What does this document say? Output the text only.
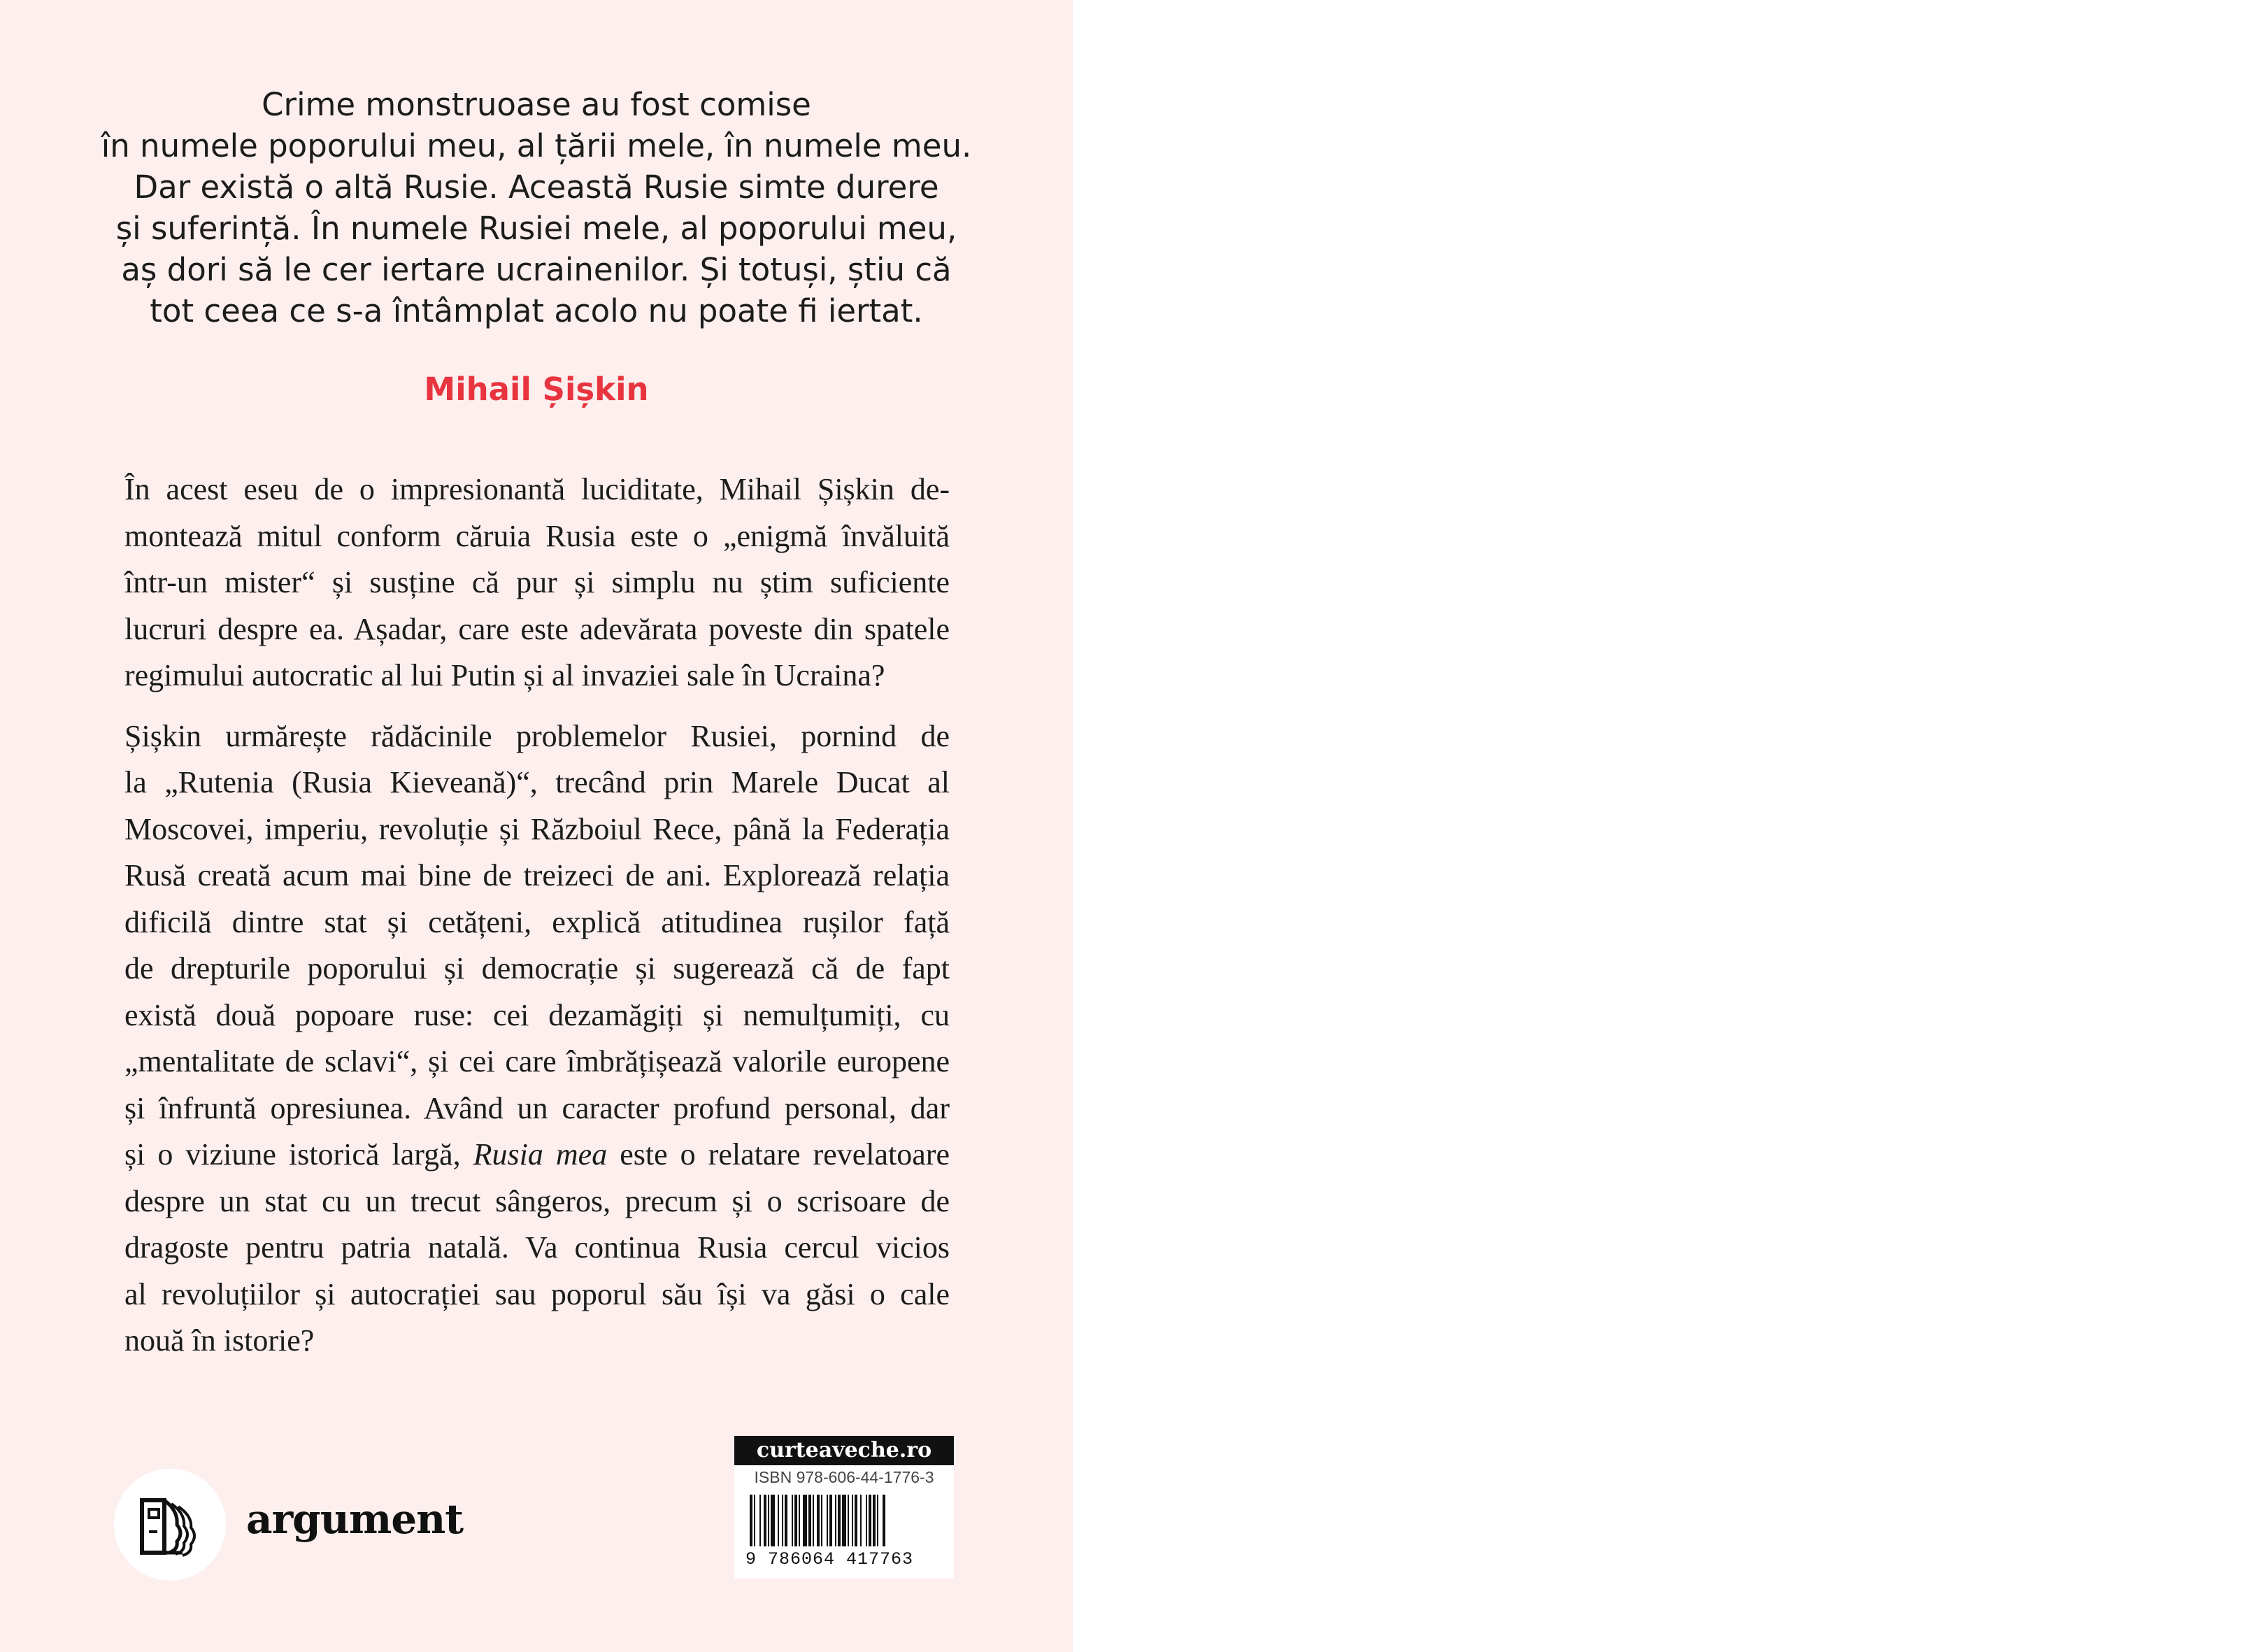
Crime monstruoase au fost comise
în numele poporului meu, al țării mele, în numele meu.
Dar există o altă Rusie. Această Rusie simte durere
și suferință. În numele Rusiei mele, al poporului meu,
aș dori să le cer iertare ucrainenilor. Și totuși, știu că
tot ceea ce s-a întâmplat acolo nu poate fi iertat.

Mihail Șișkin

În acest eseu de o impresionantă luciditate, Mihail Șișkin de-
montează mitul conform căruia Rusia este o „enigmă învăluită
într-un mister“ și susține că pur și simplu nu știm suficiente
lucruri despre ea. Așadar, care este adevărata poveste din spatele
regimului autocratic al lui Putin și al invaziei sale în Ucraina?

Șișkin urmărește rădăcinile problemelor Rusiei, pornind de
la „Rutenia (Rusia Kieveană)“, trecând prin Marele Ducat al
Moscovei, imperiu, revoluție și Războiul Rece, până la Federația
Rusă creată acum mai bine de treizeci de ani. Explorează relația
dificilă dintre stat și cetățeni, explică atitudinea rușilor față
de drepturile poporului și democrație și sugerează că de fapt
există două popoare ruse: cei dezamăgiți și nemulțumiți, cu
„mentalitate de sclavi“, și cei care îmbrățișează valorile europene
și înfruntă opresiunea. Având un caracter profund personal, dar
și o viziune istorică largă, Rusia mea este o relatare revelatoare
despre un stat cu un trecut sângeros, precum și o scrisoare de
dragoste pentru patria natală. Va continua Rusia cercul vicios
al revoluțiilor și autocrației sau poporul său își va găsi o cale
nouă în istorie?

argument
curteaveche.ro
ISBN 978-606-44-1776-3
9 786064 417763
